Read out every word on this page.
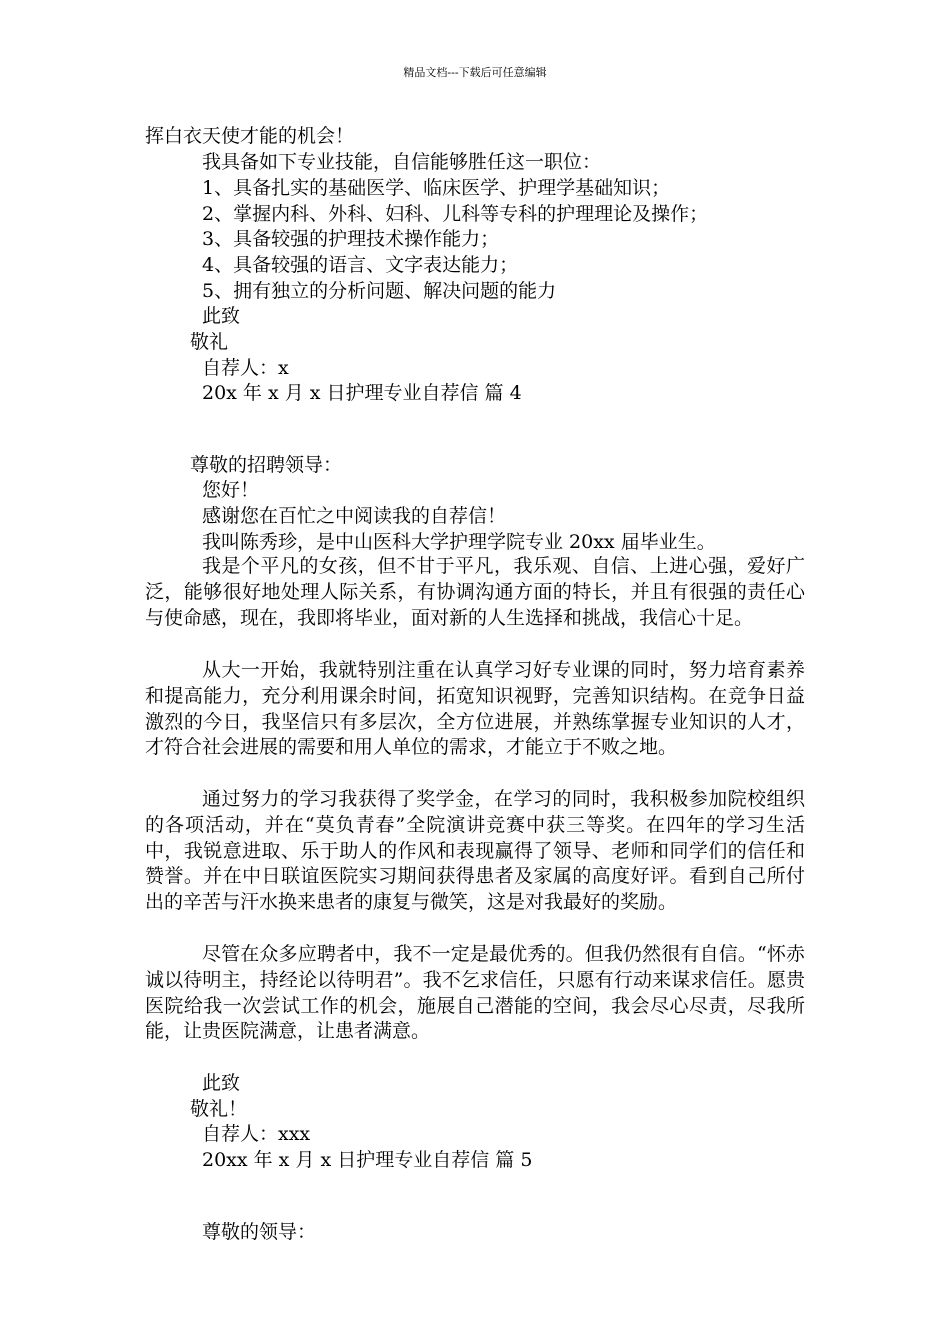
精品文档---下载后可任意编辑
挥白衣天使才能的机会！
我具备如下专业技能，自信能够胜任这一职位：
1、具备扎实的基础医学、临床医学、护理学基础知识；
2、掌握内科、外科、妇科、儿科等专科的护理理论及操作；
3、具备较强的护理技术操作能力；
4、具备较强的语言、文字表达能力；
5、拥有独立的分析问题、解决问题的能力
此致
敬礼
自荐人：x
20x 年 x 月 x 日护理专业自荐信 篇 4
尊敬的招聘领导：
您好！
感谢您在百忙之中阅读我的自荐信！
我叫陈秀珍，是中山医科大学护理学院专业 20xx 届毕业生。
我是个平凡的女孩，但不甘于平凡，我乐观、自信、上进心强，爱好广泛，能够很好地处理人际关系，有协调沟通方面的特长，并且有很强的责任心与使命感，现在，我即将毕业，面对新的人生选择和挑战，我信心十足。
从大一开始，我就特别注重在认真学习好专业课的同时，努力培育素养和提高能力，充分利用课余时间，拓宽知识视野，完善知识结构。在竞争日益激烈的今日，我坚信只有多层次，全方位进展，并熟练掌握专业知识的人才，才符合社会进展的需要和用人单位的需求，才能立于不败之地。
通过努力的学习我获得了奖学金，在学习的同时，我积极参加院校组织的各项活动，并在“莫负青春”全院演讲竞赛中获三等奖。在四年的学习生活中，我锐意进取、乐于助人的作风和表现赢得了领导、老师和同学们的信任和赞誉。并在中日联谊医院实习期间获得患者及家属的高度好评。看到自己所付出的辛苦与汗水换来患者的康复与微笑，这是对我最好的奖励。
尽管在众多应聘者中，我不一定是最优秀的。但我仍然很有自信。“怀赤诚以待明主，持经论以待明君”。我不乞求信任，只愿有行动来谋求信任。愿贵医院给我一次尝试工作的机会，施展自己潜能的空间，我会尽心尽责，尽我所能，让贵医院满意，让患者满意。
此致
敬礼！
自荐人：xxx
20xx 年 x 月 x 日护理专业自荐信 篇 5
尊敬的领导：
